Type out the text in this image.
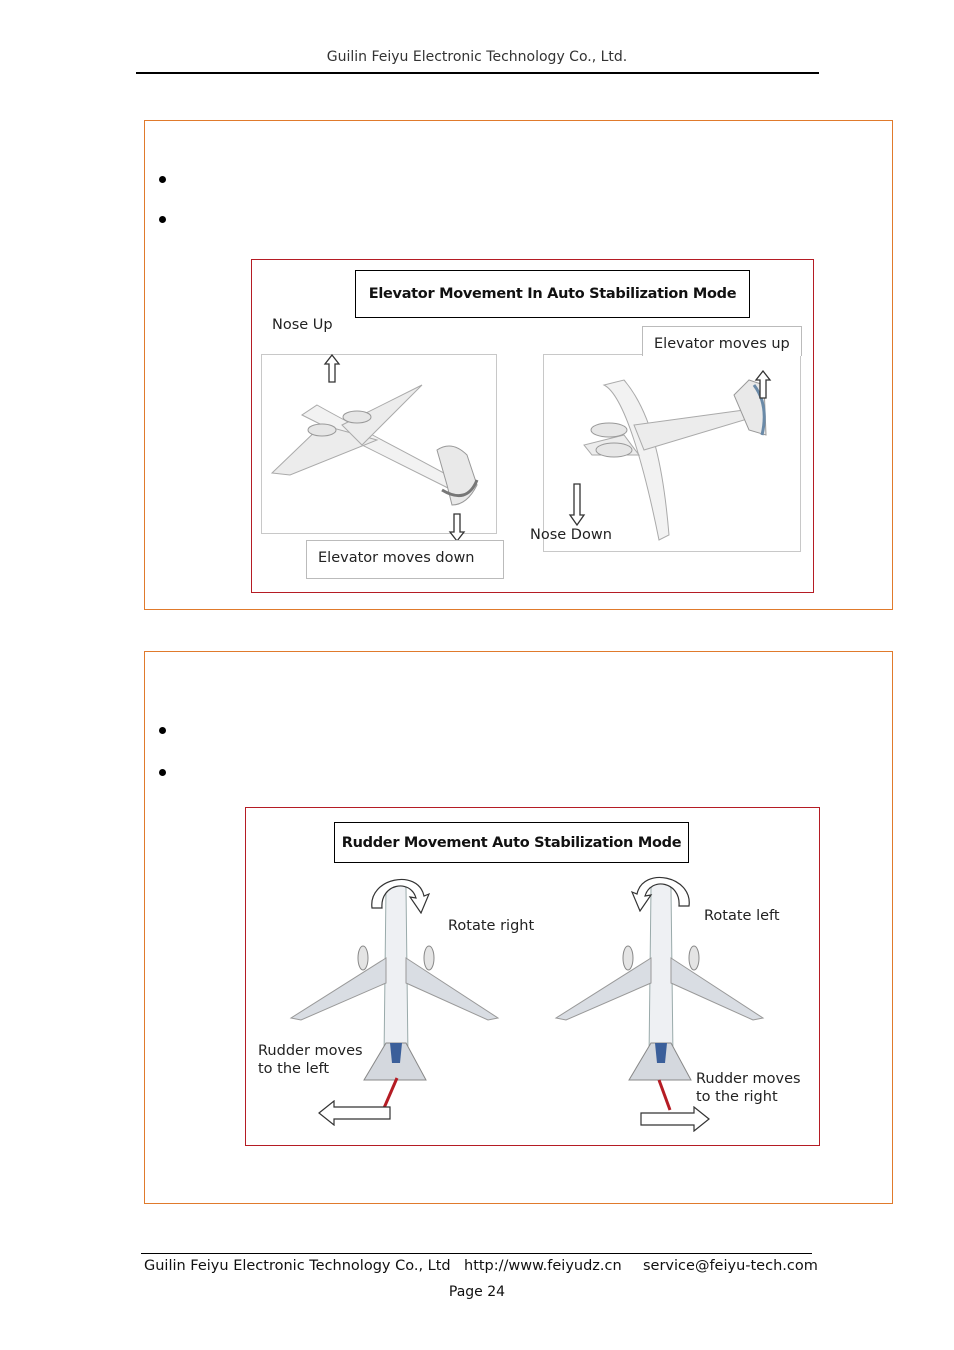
Guilin Feiyu Electronic Technology Co., Ltd.
Elevator Movement In Auto Stabilization Mode
Nose Up
Elevator moves down
Elevator moves up
Nose Down
Rudder Movement Auto Stabilization Mode
Rotate right
Rudder moves
to the left
Rotate left
Rudder moves
to the right
Guilin Feiyu Electronic Technology Co., Ltd http://www.feiyudz.cn service@feiyu-tech.com
Page 24
